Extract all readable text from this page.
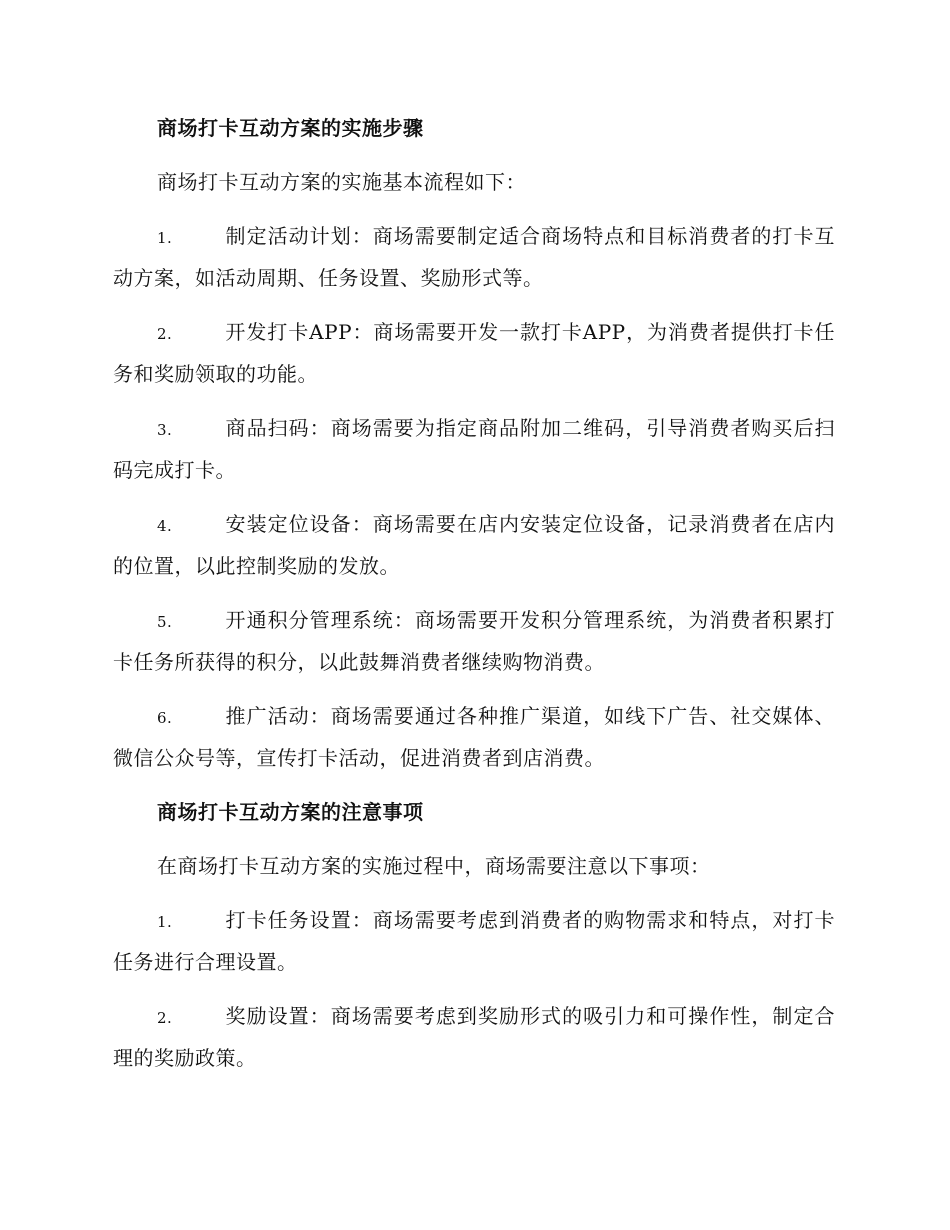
商场打卡互动方案的实施步骤
商场打卡互动方案的实施基本流程如下：
1.	制定活动计划：商场需要制定适合商场特点和目标消费者的打卡互动方案，如活动周期、任务设置、奖励形式等。
2.	开发打卡APP：商场需要开发一款打卡APP，为消费者提供打卡任务和奖励领取的功能。
3.	商品扫码：商场需要为指定商品附加二维码，引导消费者购买后扫码完成打卡。
4.	安装定位设备：商场需要在店内安装定位设备，记录消费者在店内的位置，以此控制奖励的发放。
5.	开通积分管理系统：商场需要开发积分管理系统，为消费者积累打卡任务所获得的积分，以此鼓舞消费者继续购物消费。
6.	推广活动：商场需要通过各种推广渠道，如线下广告、社交媒体、微信公众号等，宣传打卡活动，促进消费者到店消费。
商场打卡互动方案的注意事项
在商场打卡互动方案的实施过程中，商场需要注意以下事项：
1.	打卡任务设置：商场需要考虑到消费者的购物需求和特点，对打卡任务进行合理设置。
2.	奖励设置：商场需要考虑到奖励形式的吸引力和可操作性，制定合理的奖励政策。
